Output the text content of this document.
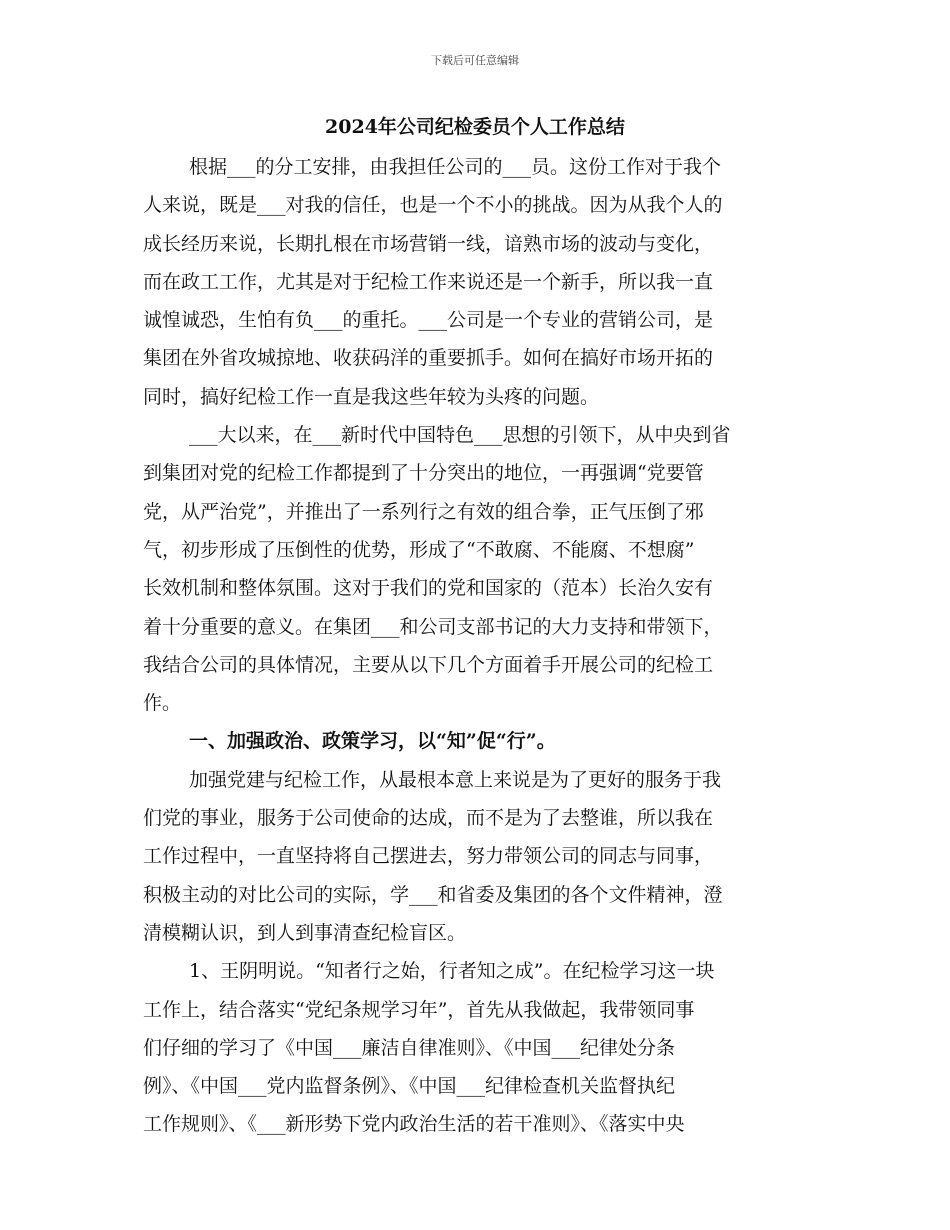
下载后可任意编辑
2024年公司纪检委员个人工作总结
根据___的分工安排，由我担任公司的___员。这份工作对于我个
人来说，既是___对我的信任，也是一个不小的挑战。因为从我个人的
成长经历来说，长期扎根在市场营销一线，谙熟市场的波动与变化，
而在政工工作，尤其是对于纪检工作来说还是一个新手，所以我一直
诚惶诚恐，生怕有负___的重托。___公司是一个专业的营销公司，是
集团在外省攻城掠地、收获码洋的重要抓手。如何在搞好市场开拓的
同时，搞好纪检工作一直是我这些年较为头疼的问题。
___大以来，在___新时代中国特色___思想的引领下，从中央到省
到集团对党的纪检工作都提到了十分突出的地位，一再强调“党要管
党，从严治党”，并推出了一系列行之有效的组合拳，正气压倒了邪
气，初步形成了压倒性的优势，形成了“不敢腐、不能腐、不想腐”
长效机制和整体氛围。这对于我们的党和国家的（范本）长治久安有
着十分重要的意义。在集团___和公司支部书记的大力支持和带领下，
我结合公司的具体情况，主要从以下几个方面着手开展公司的纪检工
作。
一、加强政治、政策学习，以“知”促“行”。
加强党建与纪检工作，从最根本意上来说是为了更好的服务于我
们党的事业，服务于公司使命的达成，而不是为了去整谁，所以我在
工作过程中，一直坚持将自己摆进去，努力带领公司的同志与同事，
积极主动的对比公司的实际，学___和省委及集团的各个文件精神，澄
清模糊认识，到人到事清查纪检盲区。
1、王阴明说。“知者行之始，行者知之成”。在纪检学习这一块
工作上，结合落实“党纪条规学习年”，首先从我做起，我带领同事
们仔细的学习了《中国___廉洁自律准则》、《中国___纪律处分条
例》、《中国___党内监督条例》、《中国___纪律检查机关监督执纪
工作规则》、《___新形势下党内政治生活的若干准则》、《落实中央
